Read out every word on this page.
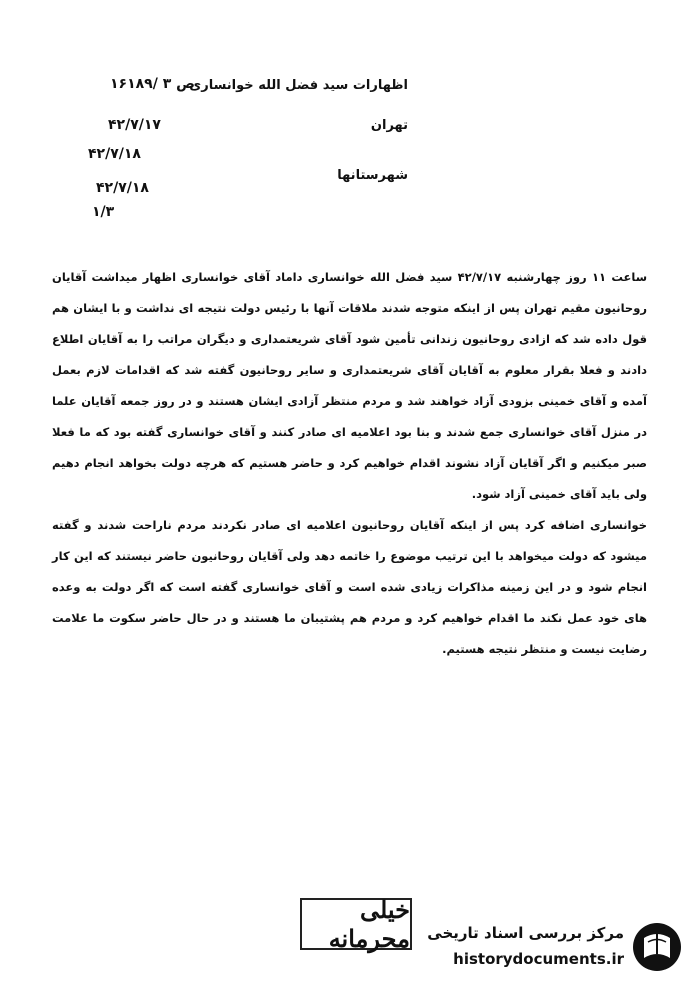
اظهارات سید فضل الله خوانساری
تهران
شهرستانها
۱۶۱۸۹/ ص ۳
۴۲/۷/۱۷
۴۲/۷/۱۸
۴۲/۷/۱۸
۱/۳

ساعت ۱۱ روز چهارشنبه ۴۲/۷/۱۷ سید فضل الله خوانساری داماد آقای خوانساری اظهار میداشت آقایان روحانیون مقیم تهران پس از اینکه متوجه شدند ملاقات آنها با رئیس دولت نتیجه ای نداشت و با ایشان هم قول داده شد که ازادی روحانیون زندانی تأمین شود آقای شریعتمداری و دیگران مراتب را به آقایان اطلاع دادند و فعلا بقرار معلوم به آقایان آقای شریعتمداری و سایر روحانیون گفته شد که اقدامات لازم بعمل آمده و آقای خمینی بزودی آزاد خواهند شد و مردم منتظر آزادی ایشان هستند و در روز جمعه آقایان علما در منزل آقای خوانساری جمع شدند و بنا بود اعلامیه ای صادر کنند و آقای خوانساری گفته بود که ما فعلا صبر میکنیم و اگر آقایان آزاد نشوند اقدام خواهیم کرد و حاضر هستیم که هرچه دولت بخواهد انجام دهیم ولی باید آقای خمینی آزاد شود.

خوانساری اضافه کرد پس از اینکه آقایان روحانیون اعلامیه ای صادر نکردند مردم ناراحت شدند و گفته میشود که دولت میخواهد با این ترتیب موضوع را خاتمه دهد ولی آقایان روحانیون حاضر نیستند که این کار انجام شود و در این زمینه مذاکرات زیادی شده است و آقای خوانساری گفته است که اگر دولت به وعده های خود عمل نکند ما اقدام خواهیم کرد و مردم هم پشتیبان ما هستند و در حال حاضر سکوت ما علامت رضایت نیست و منتظر نتیجه هستیم.

خیلی محرمانه مرکز بررسی اسناد تاریخی
historydocuments.ir
